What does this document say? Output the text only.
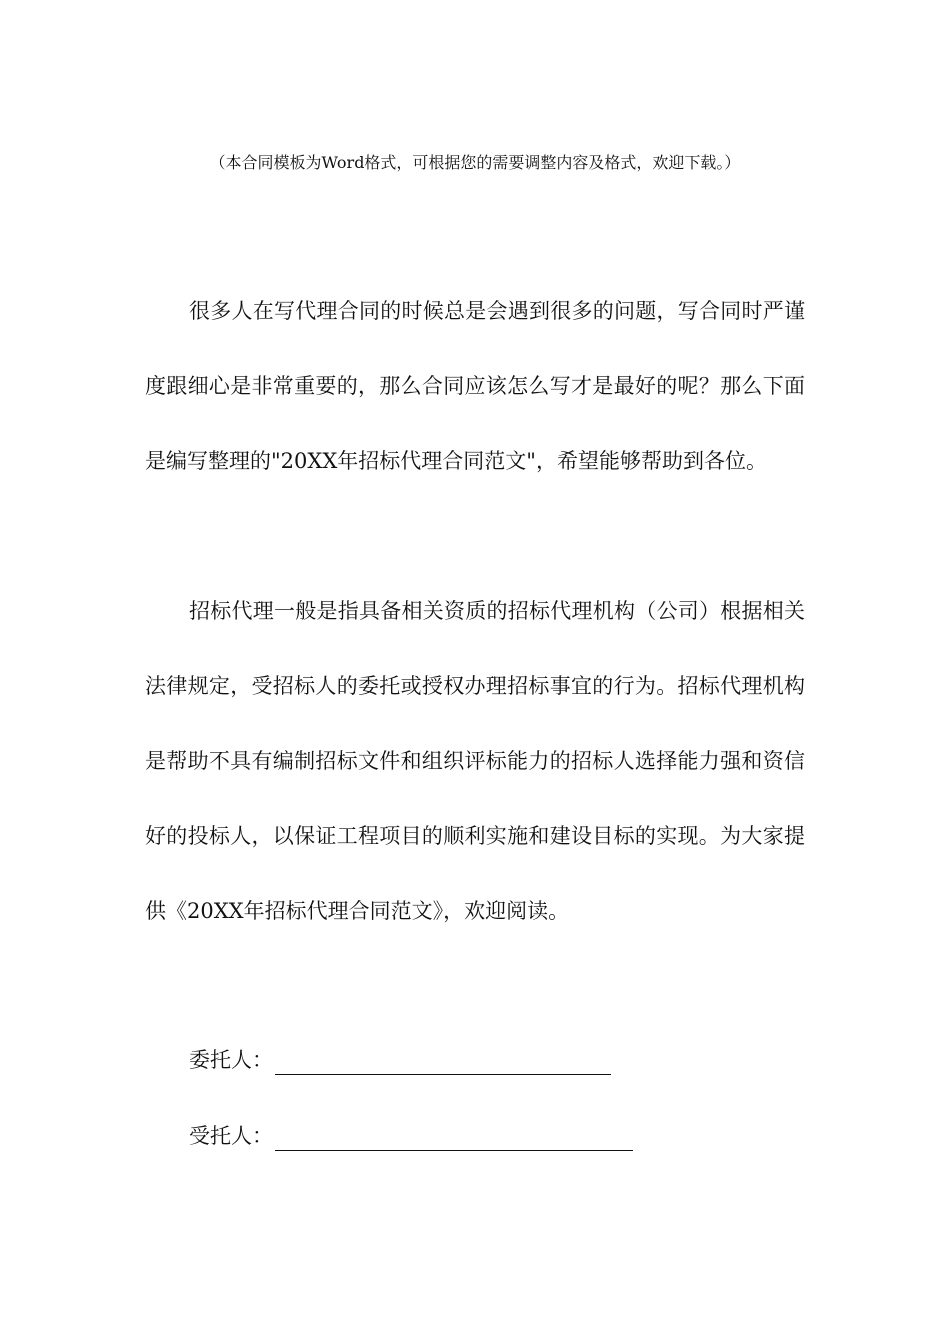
（本合同模板为Word格式，可根据您的需要调整内容及格式，欢迎下载。）

很多人在写代理合同的时候总是会遇到很多的问题，写合同时严谨度跟细心是非常重要的，那么合同应该怎么写才是最好的呢？那么下面是编写整理的"20XX年招标代理合同范文"，希望能够帮助到各位。

招标代理一般是指具备相关资质的招标代理机构（公司）根据相关法律规定，受招标人的委托或授权办理招标事宜的行为。招标代理机构是帮助不具有编制招标文件和组织评标能力的招标人选择能力强和资信好的投标人，以保证工程项目的顺利实施和建设目标的实现。为大家提供《20XX年招标代理合同范文》，欢迎阅读。

委托人：
受托人：
